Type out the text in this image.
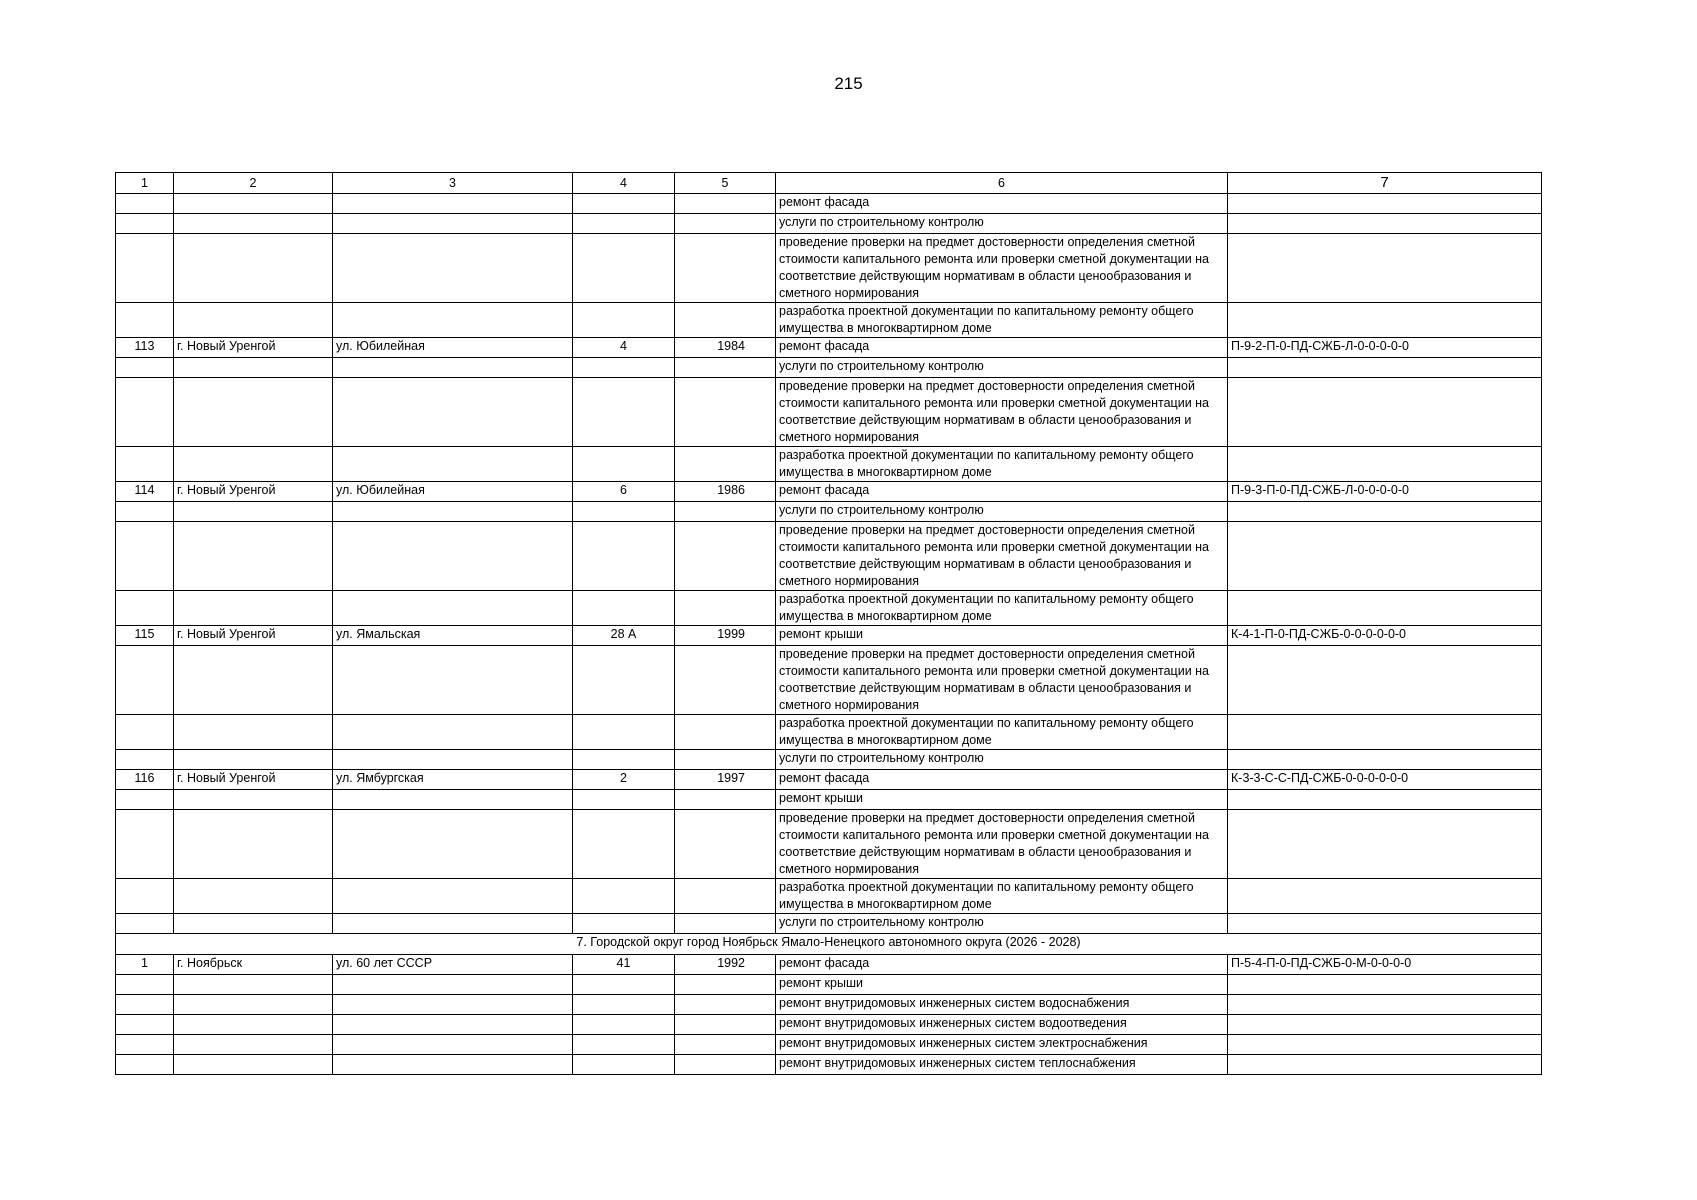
215
1	2	3	4	5	6	7
					ремонт фасада	
					услуги по строительному контролю	
					проведение проверки на предмет достоверности определения сметной стоимости капитального ремонта или проверки сметной документации на соответствие действующим нормативам в области ценообразования и сметного нормирования	
					разработка проектной документации по капитальному ремонту общего имущества в многоквартирном доме	
113	г. Новый Уренгой	ул. Юбилейная	4	1984	ремонт фасада	П-9-2-П-0-ПД-СЖБ-Л-0-0-0-0-0
					услуги по строительному контролю	
					проведение проверки на предмет достоверности определения сметной стоимости капитального ремонта или проверки сметной документации на соответствие действующим нормативам в области ценообразования и сметного нормирования	
					разработка проектной документации по капитальному ремонту общего имущества в многоквартирном доме	
114	г. Новый Уренгой	ул. Юбилейная	6	1986	ремонт фасада	П-9-3-П-0-ПД-СЖБ-Л-0-0-0-0-0
					услуги по строительному контролю	
					проведение проверки на предмет достоверности определения сметной стоимости капитального ремонта или проверки сметной документации на соответствие действующим нормативам в области ценообразования и сметного нормирования	
					разработка проектной документации по капитальному ремонту общего имущества в многоквартирном доме	
115	г. Новый Уренгой	ул. Ямальская	28 А	1999	ремонт крыши	К-4-1-П-0-ПД-СЖБ-0-0-0-0-0-0
					проведение проверки на предмет достоверности определения сметной стоимости капитального ремонта или проверки сметной документации на соответствие действующим нормативам в области ценообразования и сметного нормирования	
					разработка проектной документации по капитальному ремонту общего имущества в многоквартирном доме	
					услуги по строительному контролю	
116	г. Новый Уренгой	ул. Ямбургская	2	1997	ремонт фасада	К-3-3-С-С-ПД-СЖБ-0-0-0-0-0-0
					ремонт крыши	
					проведение проверки на предмет достоверности определения сметной стоимости капитального ремонта или проверки сметной документации на соответствие действующим нормативам в области ценообразования и сметного нормирования	
					разработка проектной документации по капитальному ремонту общего имущества в многоквартирном доме	
					услуги по строительному контролю	
7. Городской округ город Ноябрьск Ямало-Ненецкого автономного округа (2026 - 2028)						
1	г. Ноябрьск	ул. 60 лет СССР	41	1992	ремонт фасада	П-5-4-П-0-ПД-СЖБ-0-М-0-0-0-0
					ремонт крыши	
					ремонт внутридомовых инженерных систем водоснабжения	
					ремонт внутридомовых инженерных систем водоотведения	
					ремонт внутридомовых инженерных систем электроснабжения	
					ремонт внутридомовых инженерных систем теплоснабжения	
